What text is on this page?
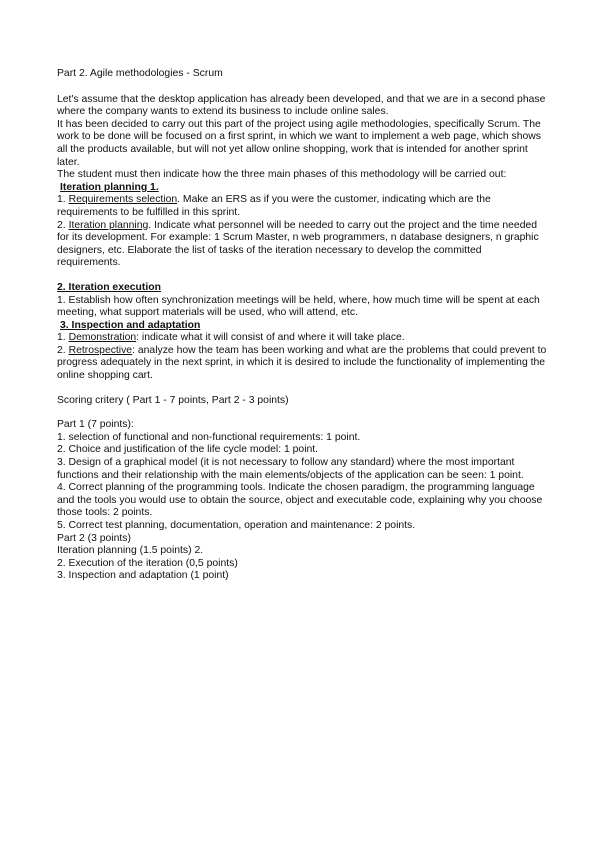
Part 2. Agile methodologies - Scrum

Let's assume that the desktop application has already been developed, and that we are in a second phase where the company wants to extend its business to include online sales.

It has been decided to carry out this part of the project using agile methodologies, specifically Scrum. The work to be done will be focused on a first sprint, in which we want to implement a web page, which shows all the products available, but will not yet allow online shopping, work that is intended for another sprint later.

The student must then indicate how the three main phases of this methodology will be carried out:

Iteration planning 1.

1. Requirements selection. Make an ERS as if you were the customer, indicating which are the requirements to be fulfilled in this sprint.

2. Iteration planning. Indicate what personnel will be needed to carry out the project and the time needed for its development. For example: 1 Scrum Master, n web programmers, n database designers, n graphic designers, etc. Elaborate the list of tasks of the iteration necessary to develop the committed requirements.

2. Iteration execution

1. Establish how often synchronization meetings will be held, where, how much time will be spent at each meeting, what support materials will be used, who will attend, etc.

3. Inspection and adaptation

1. Demonstration: indicate what it will consist of and where it will take place.

2. Retrospective: analyze how the team has been working and what are the problems that could prevent to progress adequately in the next sprint, in which it is desired to include the functionality of implementing the online shopping cart.

Scoring critery ( Part 1 - 7 points, Part 2 - 3 points)

Part 1 (7 points):

1. selection of functional and non-functional requirements: 1 point.

2. Choice and justification of the life cycle model: 1 point.

3. Design of a graphical model (it is not necessary to follow any standard) where the most important functions and their relationship with the main elements/objects of the application can be seen: 1 point.

4. Correct planning of the programming tools. Indicate the chosen paradigm, the programming language and the tools you would use to obtain the source, object and executable code, explaining why you choose those tools: 2 points.

5. Correct test planning, documentation, operation and maintenance: 2 points.

Part 2 (3 points)

Iteration planning (1.5 points) 2.

2. Execution of the iteration (0,5 points)

3. Inspection and adaptation (1 point)
